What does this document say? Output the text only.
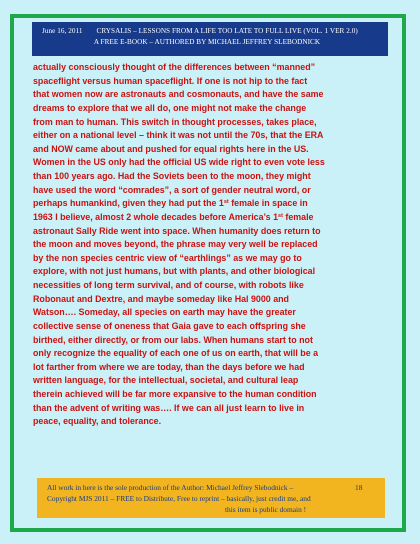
June 16, 2011 CRYSALIS – LESSONS FROM A LIFE TOO LATE TO FULL LIVE (VOL. 1 VER 2.0)
A FREE E-BOOK – AUTHORED BY MICHAEL JEFFREY SLEBODNICK
actually consciously thought of the differences between “manned”
spaceflight versus human spaceflight. If one is not hip to the fact
that women now are astronauts and cosmonauts, and have the same
dreams to explore that we all do, one might not make the change
from man to human. This switch in thought processes, takes place,
either on a national level – think it was not until the 70s, that the ERA
and NOW came about and pushed for equal rights here in the US.
Women in the US only had the official US wide right to even vote less
than 100 years ago. Had the Soviets been to the moon, they might
have used the word “comrades”, a sort of gender neutral word, or
perhaps humankind, given they had put the 1st female in space in
1963 I believe, almost 2 whole decades before America’s 1st female
astronaut Sally Ride went into space. When humanity does return to
the moon and moves beyond, the phrase may very well be replaced
by the non species centric view of “earthlings” as we may go to
explore, with not just humans, but with plants, and other biological
necessities of long term survival, and of course, with robots like
Robonaut and Dextre, and maybe someday like Hal 9000 and
Watson…. Someday, all species on earth may have the greater
collective sense of oneness that Gaia gave to each offspring she
birthed, either directly, or from our labs. When humans start to not
only recognize the equality of each one of us on earth, that will be a
lot farther from where we are today, than the days before we had
written language, for the intellectual, societal, and cultural leap
therein achieved will be far more expansive to the human condition
than the advent of writing was…. If we can all just learn to live in
peace, equality, and tolerance.
All work in here is the sole production of the Author: Michael Jeffrey Slebodnick –	18
Copyright MJS 2011 – FREE to Distribute, Free to reprint – basically, just credit me, and
this item is public domain !
